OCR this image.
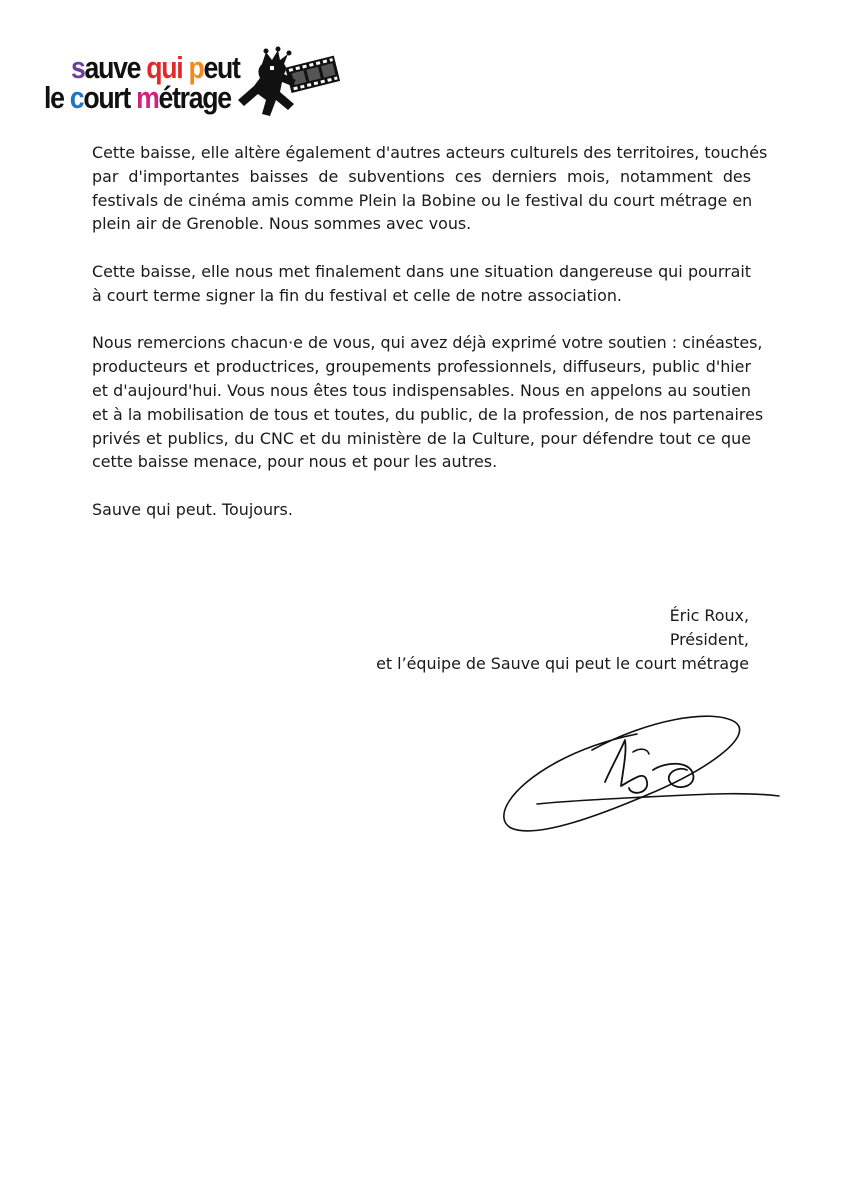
sauve qui peut
le court métrage

Cette baisse, elle altère également d'autres acteurs culturels des territoires, touchés
par d'importantes baisses de subventions ces derniers mois, notamment des
festivals de cinéma amis comme Plein la Bobine ou le festival du court métrage en
plein air de Grenoble. Nous sommes avec vous.

Cette baisse, elle nous met finalement dans une situation dangereuse qui pourrait
à court terme signer la fin du festival et celle de notre association.

Nous remercions chacun·e de vous, qui avez déjà exprimé votre soutien : cinéastes,
producteurs et productrices, groupements professionnels, diffuseurs, public d'hier
et d'aujourd'hui. Vous nous êtes tous indispensables. Nous en appelons au soutien
et à la mobilisation de tous et toutes, du public, de la profession, de nos partenaires
privés et publics, du CNC et du ministère de la Culture, pour défendre tout ce que
cette baisse menace, pour nous et pour les autres.

Sauve qui peut. Toujours.

Éric Roux,
Président,
et l’équipe de Sauve qui peut le court métrage
